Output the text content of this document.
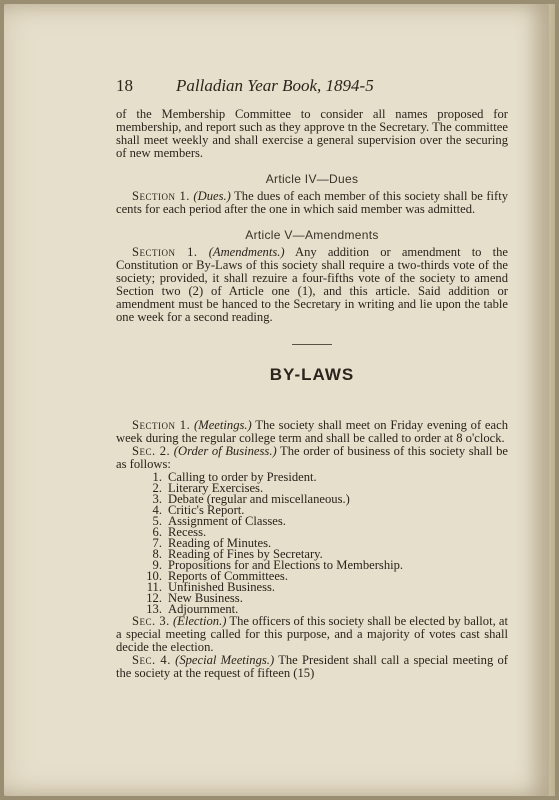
18	Palladian Year Book, 1894-5

of the Membership Committee to consider all names proposed for membership, and report such as they approve tn the Secretary. The committee shall meet weekly and shall exercise a general supervision over the securing of new members.

Article IV—Dues

Section 1. (Dues.) The dues of each member of this society shall be fifty cents for each period after the one in which said member was admitted.

Article V—Amendments

Section 1. (Amendments.) Any addition or amendment to the Constitution or By-Laws of this society shall require a two-thirds vote of the society; provided, it shall rezuire a four-fifths vote of the society to amend Section two (2) of Article one (1), and this article. Said addition or amendment must be hanced to the Secretary in writing and lie upon the table one week for a second reading.

BY-LAWS

Section 1. (Meetings.) The society shall meet on Friday evening of each week during the regular college term and shall be called to order at 8 o'clock.

Sec. 2. (Order of Business.) The order of business of this society shall be as follows:

1. Calling to order by President.
2. Literary Exercises.
3. Debate (regular and miscellaneous.)
4. Critic's Report.
5. Assignment of Classes.
6. Recess.
7. Reading of Minutes.
8. Reading of Fines by Secretary.
9. Propositions for and Elections to Membership.
10. Reports of Committees.
11. Unfinished Business.
12. New Business.
13. Adjournment.

Sec. 3. (Election.) The officers of this society shall be elected by ballot, at a special meeting called for this purpose, and a majority of votes cast shall decide the election.

Sec. 4. (Special Meetings.) The President shall call a special meeting of the society at the request of fifteen (15)
